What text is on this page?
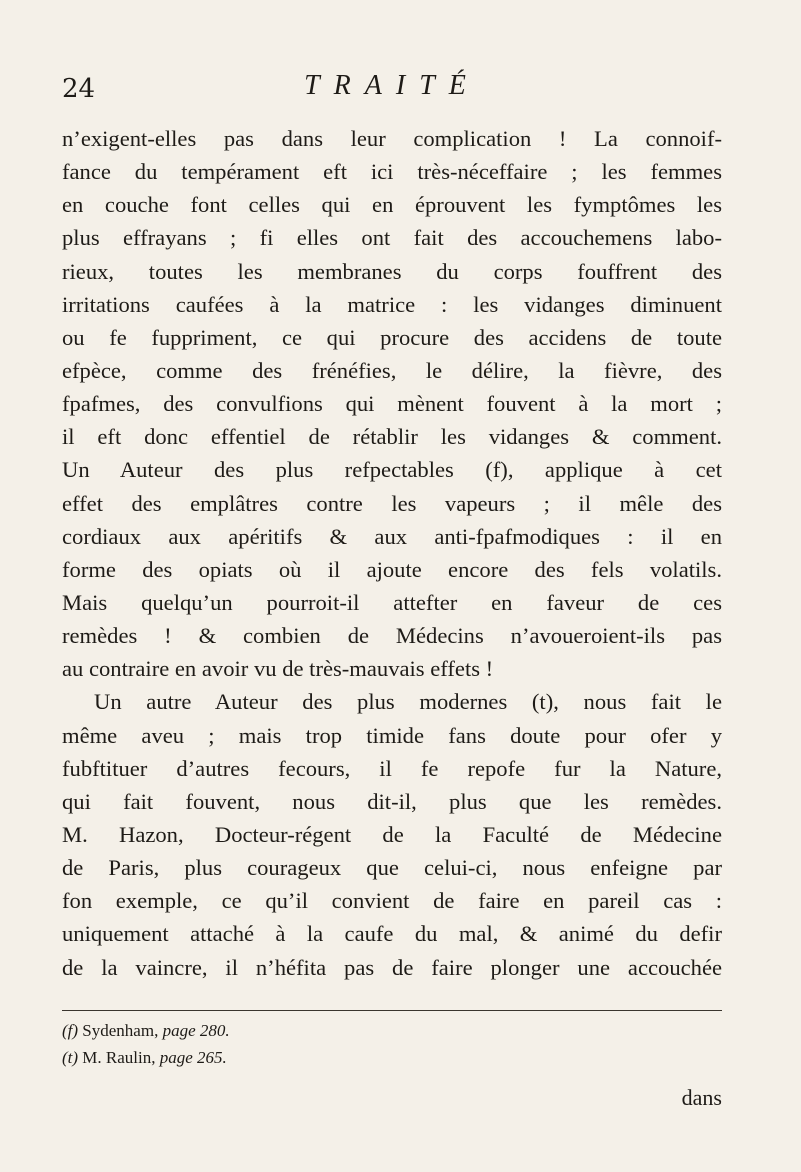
24	TRAITÉ
n’exigent-elles pas dans leur complication ! La connoif-
fance du tempérament eft ici très-néceffaire ; les femmes
en couche font celles qui en éprouvent les fymptômes les
plus effrayans ; fi elles ont fait des accouchemens labo-
rieux, toutes les membranes du corps fouffrent des
irritations caufées à la matrice : les vidanges diminuent
ou fe fuppriment, ce qui procure des accidens de toute
efpèce, comme des frénéfies, le délire, la fièvre, des
fpafmes, des convulfions qui mènent fouvent à la mort ;
il eft donc effentiel de rétablir les vidanges & comment.
Un Auteur des plus refpectables (f), applique à cet
effet des emplâtres contre les vapeurs ; il mêle des
cordiaux aux apéritifs & aux anti-fpafmodiques : il en
forme des opiats où il ajoute encore des fels volatils.
Mais quelqu’un pourroit-il attefter en faveur de ces
remèdes ! & combien de Médecins n’avoueroient-ils pas
au contraire en avoir vu de très-mauvais effets !
Un autre Auteur des plus modernes (t), nous fait le
même aveu ; mais trop timide fans doute pour ofer y
fubftituer d’autres fecours, il fe repofe fur la Nature,
qui fait fouvent, nous dit-il, plus que les remèdes.
M. Hazon, Docteur-régent de la Faculté de Médecine
de Paris, plus courageux que celui-ci, nous enfeigne par
fon exemple, ce qu’il convient de faire en pareil cas :
uniquement attaché à la caufe du mal, & animé du defir
de la vaincre, il n’héfita pas de faire plonger une accouchée
(f) Sydenham, page 280.
(t) M. Raulin, page 265.
dans
